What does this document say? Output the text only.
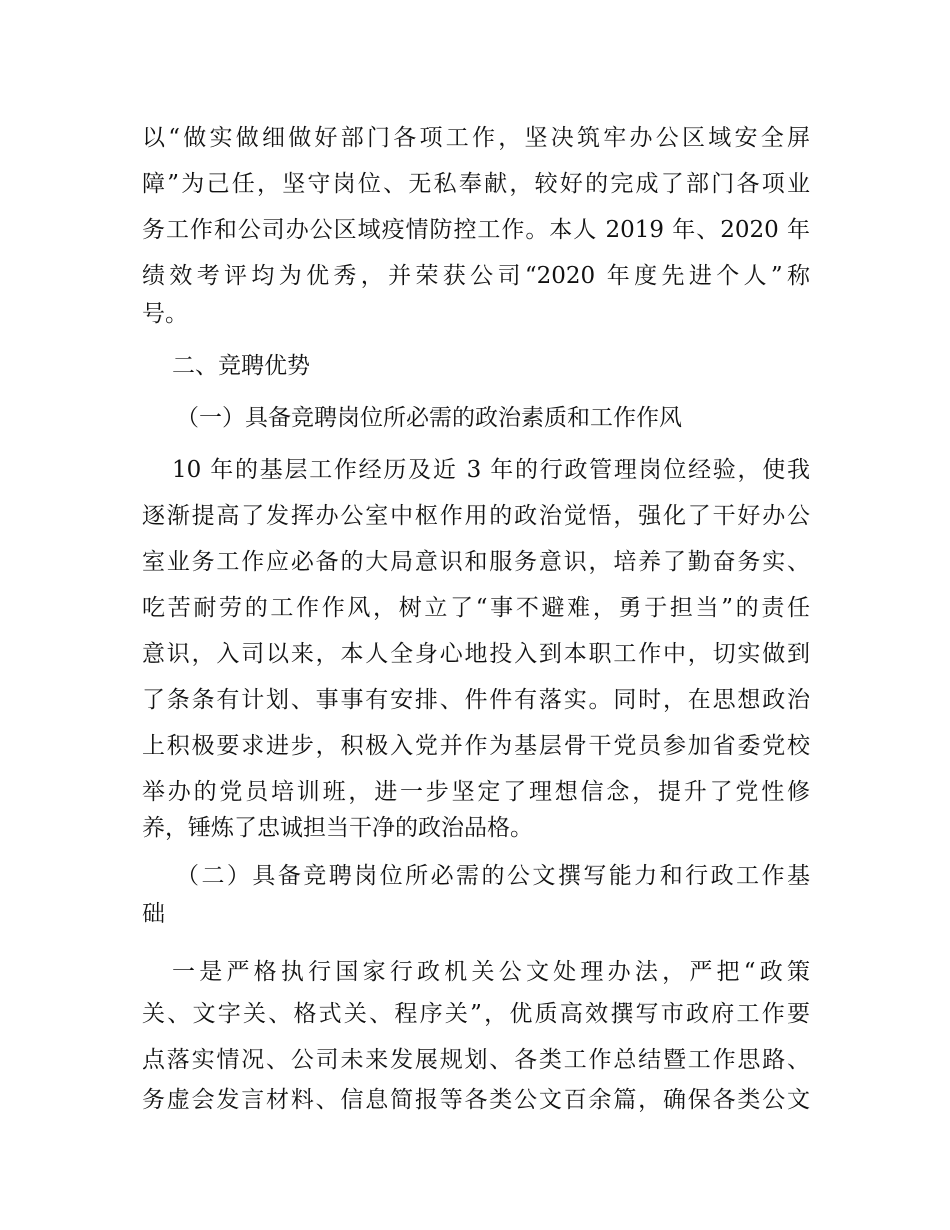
以“做实做细做好部门各项工作，坚决筑牢办公区域安全屏
障”为己任，坚守岗位、无私奉献，较好的完成了部门各项业
务工作和公司办公区域疫情防控工作。本人 2019 年、2020 年
绩效考评均为优秀，并荣获公司“2020 年度先进个人”称
号。
二、竞聘优势
（一）具备竞聘岗位所必需的政治素质和工作作风
10 年的基层工作经历及近 3 年的行政管理岗位经验，使我
逐渐提高了发挥办公室中枢作用的政治觉悟，强化了干好办公
室业务工作应必备的大局意识和服务意识，培养了勤奋务实、
吃苦耐劳的工作作风，树立了“事不避难，勇于担当”的责任
意识，入司以来，本人全身心地投入到本职工作中，切实做到
了条条有计划、事事有安排、件件有落实。同时，在思想政治
上积极要求进步，积极入党并作为基层骨干党员参加省委党校
举办的党员培训班，进一步坚定了理想信念，提升了党性修
养，锤炼了忠诚担当干净的政治品格。
（二）具备竞聘岗位所必需的公文撰写能力和行政工作基
础
一是严格执行国家行政机关公文处理办法，严把“政策
关、文字关、格式关、程序关”，优质高效撰写市政府工作要
点落实情况、公司未来发展规划、各类工作总结暨工作思路、
务虚会发言材料、信息简报等各类公文百余篇，确保各类公文
